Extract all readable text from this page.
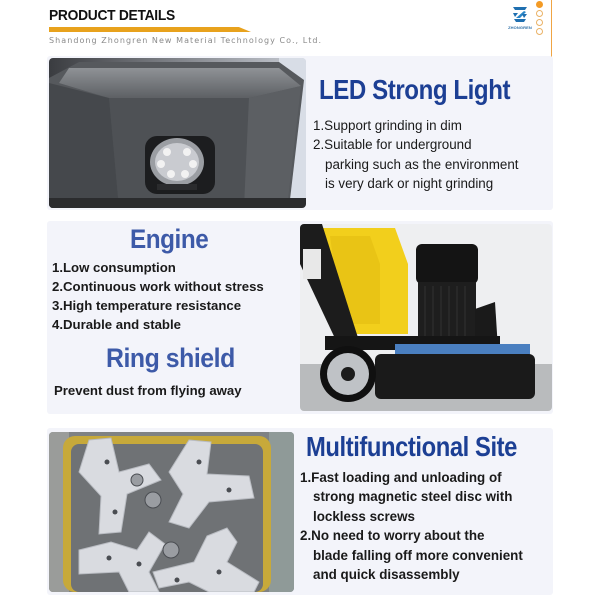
PRODUCT DETAILS
Shandong Zhongren New Material Technology Co., Ltd.
ZHONGREN
LED Strong Light
1.Support grinding in dim
2.Suitable for underground
parking such as the environment
is very dark or night grinding
Engine
1.Low consumption
2.Continuous work without stress
3.High temperature resistance
4.Durable and stable
Ring shield
Prevent dust from flying away
Multifunctional Site
1.Fast loading and unloading of
strong magnetic steel disc with
lockless screws
2.No need to worry about the
blade falling off more convenient
and quick disassembly
